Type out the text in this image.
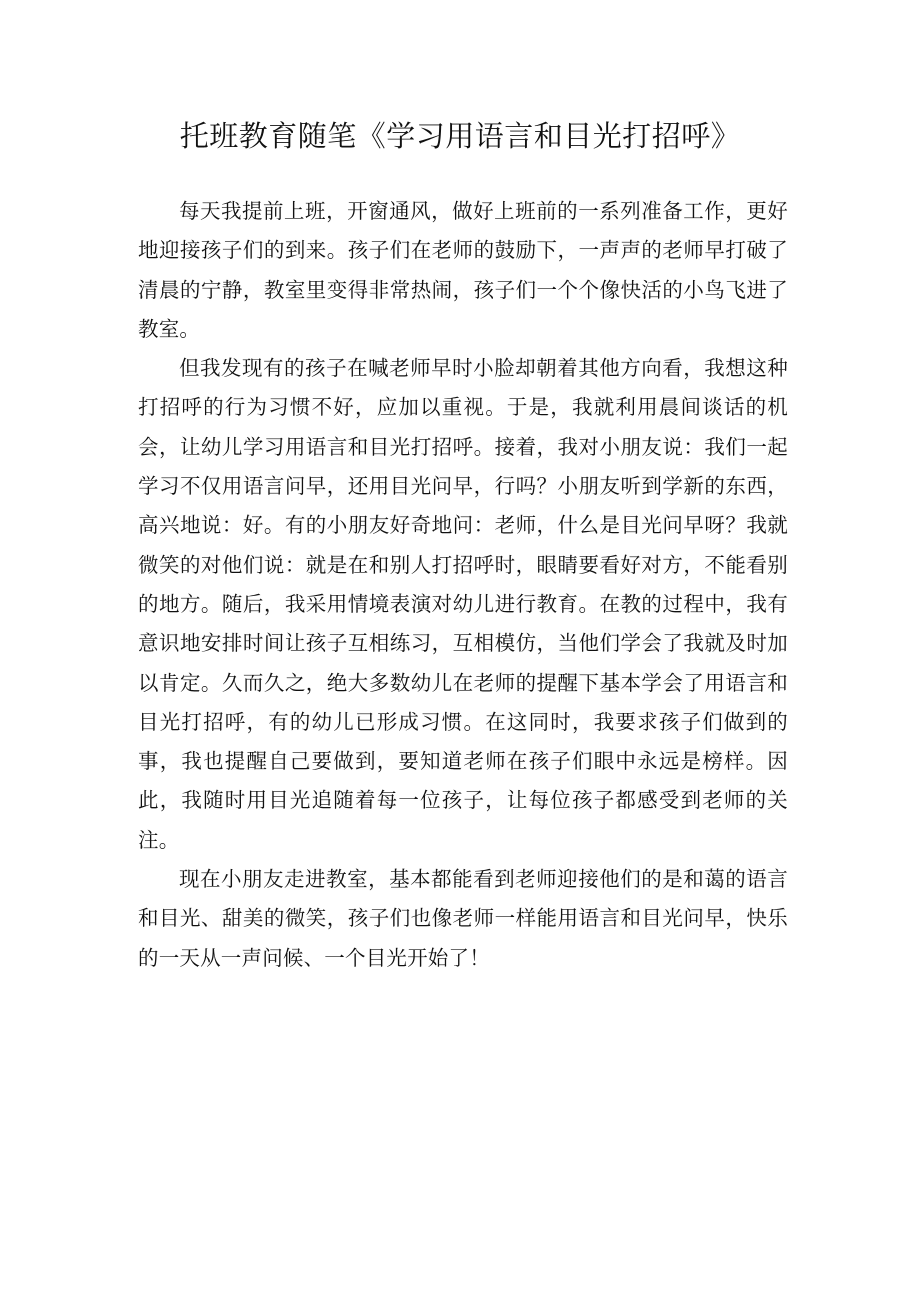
托班教育随笔《学习用语言和目光打招呼》

每天我提前上班，开窗通风，做好上班前的一系列准备工作，更好地迎接孩子们的到来。孩子们在老师的鼓励下，一声声的老师早打破了清晨的宁静，教室里变得非常热闹，孩子们一个个像快活的小鸟飞进了教室。

但我发现有的孩子在喊老师早时小脸却朝着其他方向看，我想这种打招呼的行为习惯不好，应加以重视。于是，我就利用晨间谈话的机会，让幼儿学习用语言和目光打招呼。接着，我对小朋友说：我们一起学习不仅用语言问早，还用目光问早，行吗？小朋友听到学新的东西，高兴地说：好。有的小朋友好奇地问：老师，什么是目光问早呀？我就微笑的对他们说：就是在和别人打招呼时，眼睛要看好对方，不能看别的地方。随后，我采用情境表演对幼儿进行教育。在教的过程中，我有意识地安排时间让孩子互相练习，互相模仿，当他们学会了我就及时加以肯定。久而久之，绝大多数幼儿在老师的提醒下基本学会了用语言和目光打招呼，有的幼儿已形成习惯。在这同时，我要求孩子们做到的事，我也提醒自己要做到，要知道老师在孩子们眼中永远是榜样。因此，我随时用目光追随着每一位孩子，让每位孩子都感受到老师的关注。

现在小朋友走进教室，基本都能看到老师迎接他们的是和蔼的语言和目光、甜美的微笑，孩子们也像老师一样能用语言和目光问早，快乐的一天从一声问候、一个目光开始了！
